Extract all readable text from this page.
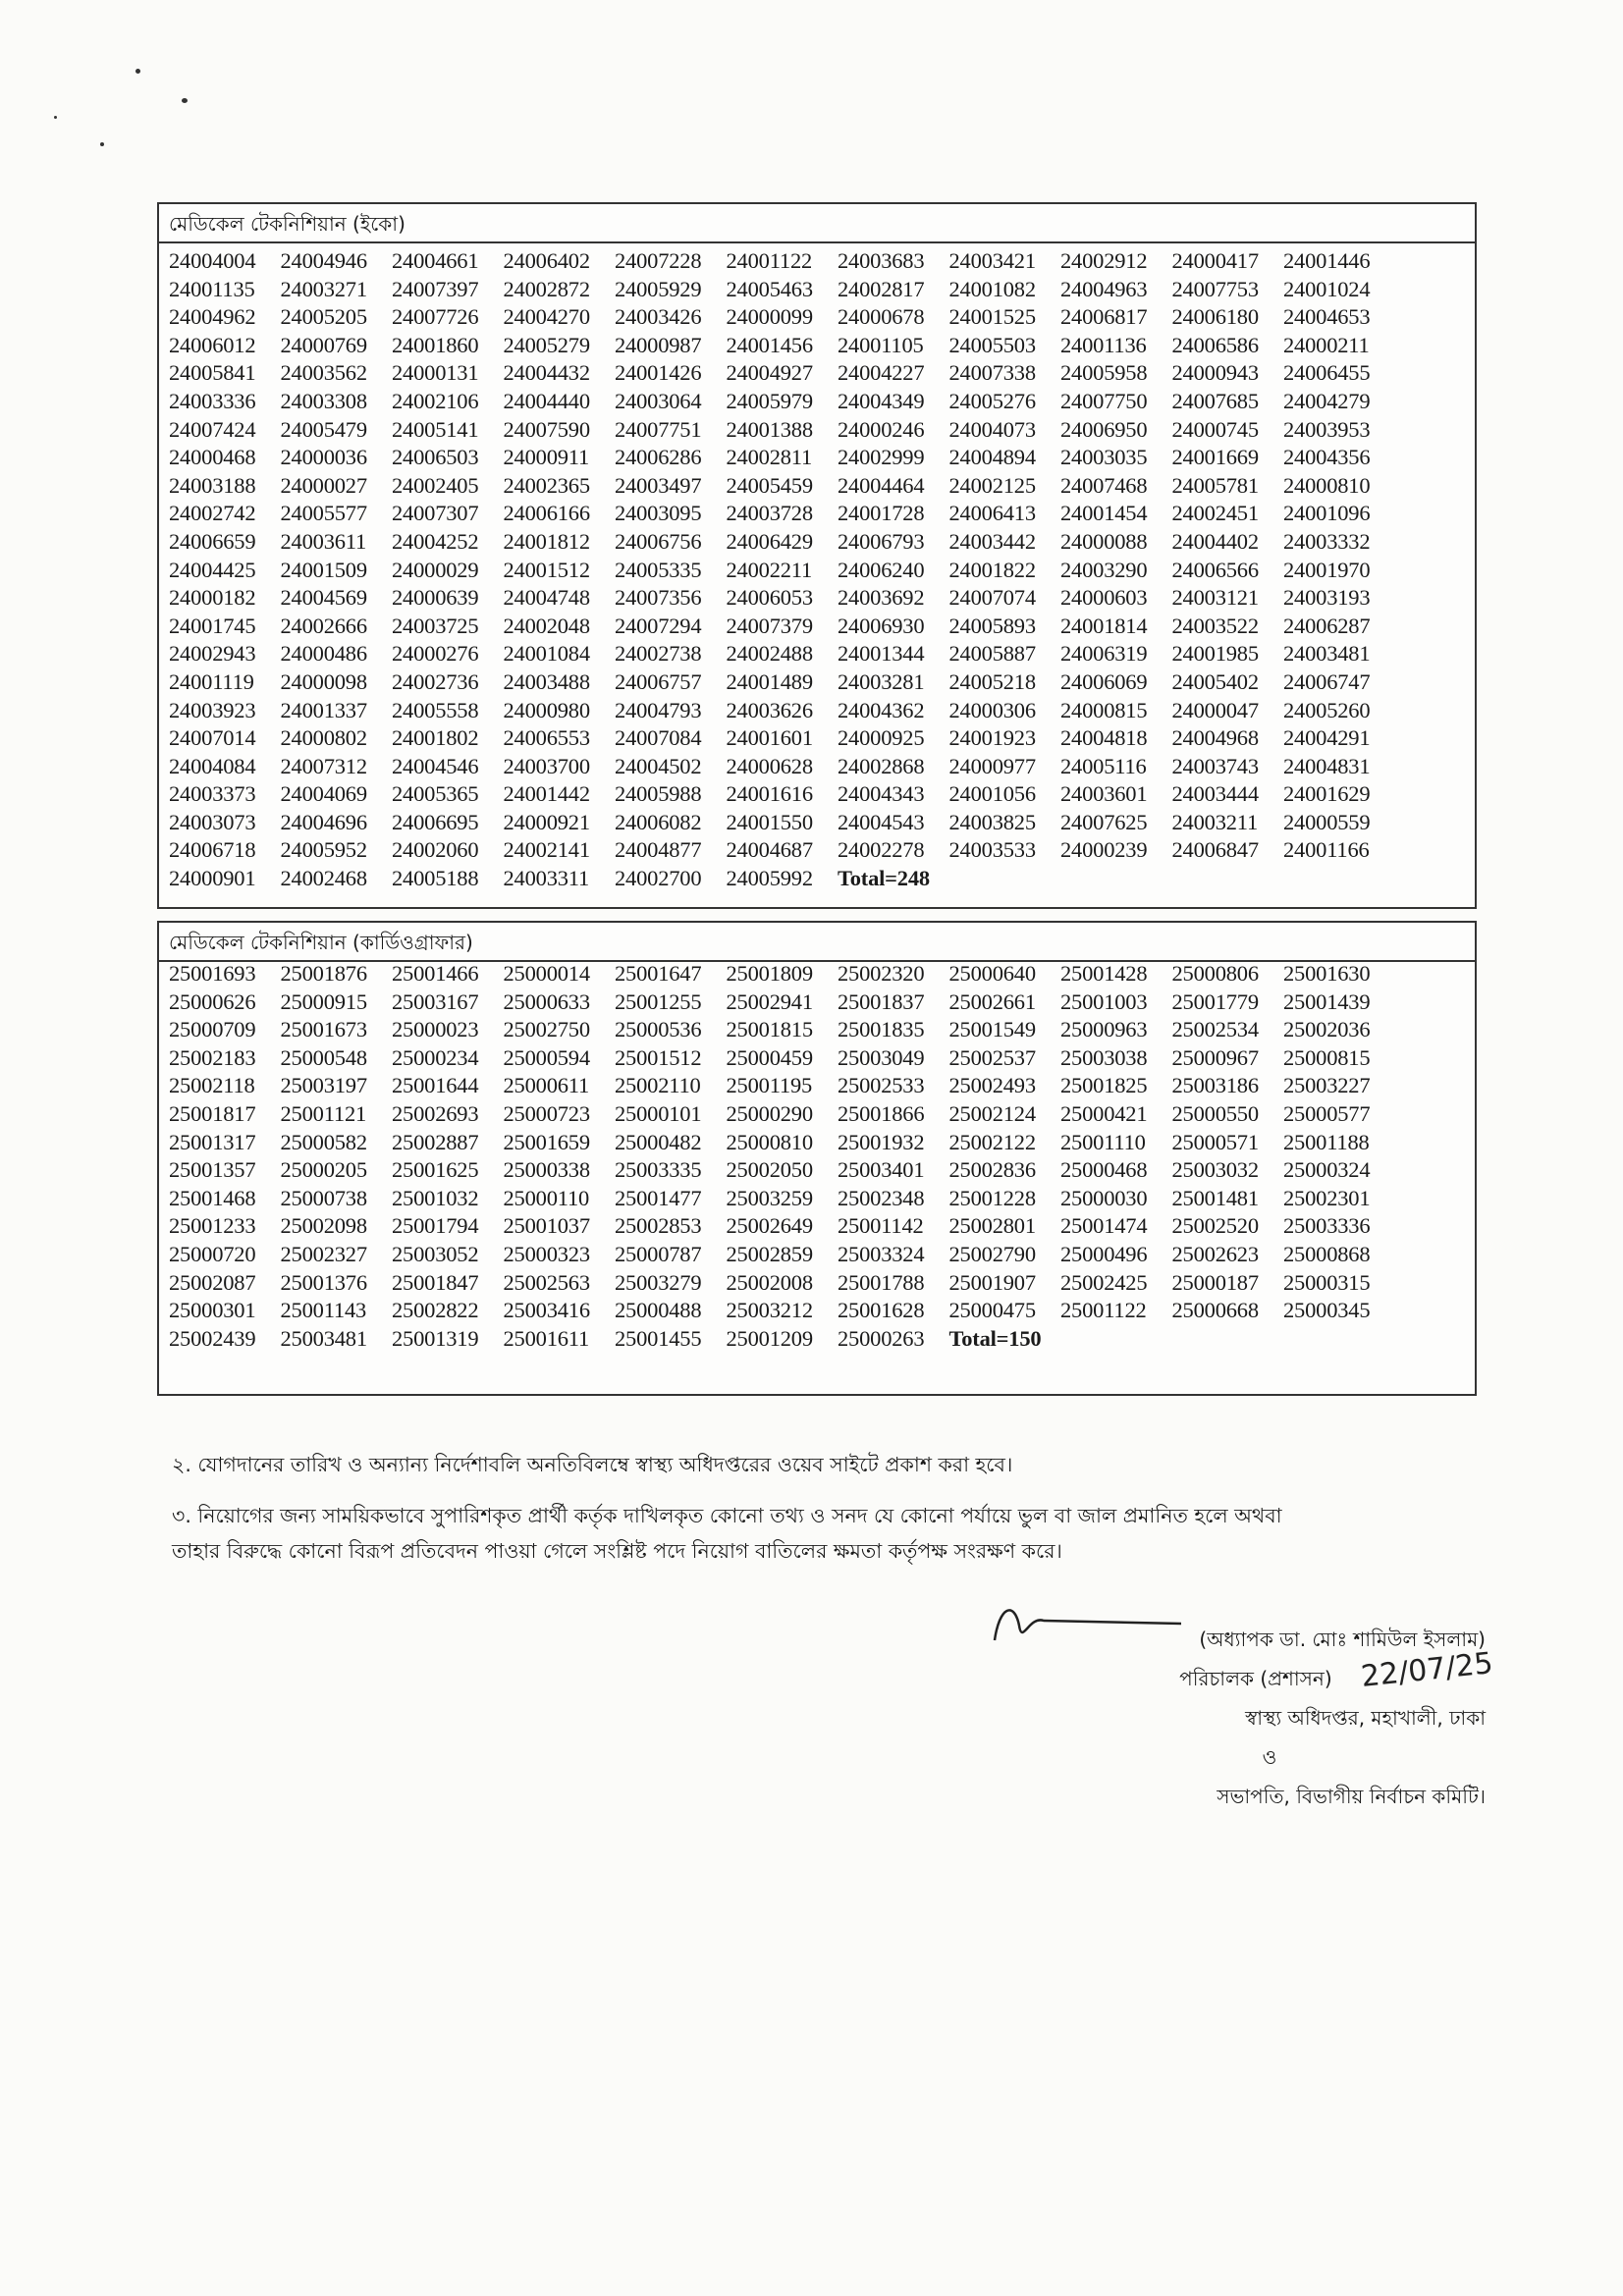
মেডিকেল টেকনিশিয়ান (ইকো)
24004004 24004946 24004661 24006402 24007228 24001122 24003683 24003421 24002912 24000417 24001446
24001135 24003271 24007397 24002872 24005929 24005463 24002817 24001082 24004963 24007753 24001024
24004962 24005205 24007726 24004270 24003426 24000099 24000678 24001525 24006817 24006180 24004653
24006012 24000769 24001860 24005279 24000987 24001456 24001105 24005503 24001136 24006586 24000211
24005841 24003562 24000131 24004432 24001426 24004927 24004227 24007338 24005958 24000943 24006455
24003336 24003308 24002106 24004440 24003064 24005979 24004349 24005276 24007750 24007685 24004279
24007424 24005479 24005141 24007590 24007751 24001388 24000246 24004073 24006950 24000745 24003953
24000468 24000036 24006503 24000911 24006286 24002811 24002999 24004894 24003035 24001669 24004356
24003188 24000027 24002405 24002365 24003497 24005459 24004464 24002125 24007468 24005781 24000810
24002742 24005577 24007307 24006166 24003095 24003728 24001728 24006413 24001454 24002451 24001096
24006659 24003611 24004252 24001812 24006756 24006429 24006793 24003442 24000088 24004402 24003332
24004425 24001509 24000029 24001512 24005335 24002211 24006240 24001822 24003290 24006566 24001970
24000182 24004569 24000639 24004748 24007356 24006053 24003692 24007074 24000603 24003121 24003193
24001745 24002666 24003725 24002048 24007294 24007379 24006930 24005893 24001814 24003522 24006287
24002943 24000486 24000276 24001084 24002738 24002488 24001344 24005887 24006319 24001985 24003481
24001119 24000098 24002736 24003488 24006757 24001489 24003281 24005218 24006069 24005402 24006747
24003923 24001337 24005558 24000980 24004793 24003626 24004362 24000306 24000815 24000047 24005260
24007014 24000802 24001802 24006553 24007084 24001601 24000925 24001923 24004818 24004968 24004291
24004084 24007312 24004546 24003700 24004502 24000628 24002868 24000977 24005116 24003743 24004831
24003373 24004069 24005365 24001442 24005988 24001616 24004343 24001056 24003601 24003444 24001629
24003073 24004696 24006695 24000921 24006082 24001550 24004543 24003825 24007625 24003211 24000559
24006718 24005952 24002060 24002141 24004877 24004687 24002278 24003533 24000239 24006847 24001166
24000901 24002468 24005188 24003311 24002700 24005992 Total=248
মেডিকেল টেকনিশিয়ান (কার্ডিওগ্রাফার)
25001693 25001876 25001466 25000014 25001647 25001809 25002320 25000640 25001428 25000806 25001630
25000626 25000915 25003167 25000633 25001255 25002941 25001837 25002661 25001003 25001779 25001439
25000709 25001673 25000023 25002750 25000536 25001815 25001835 25001549 25000963 25002534 25002036
25002183 25000548 25000234 25000594 25001512 25000459 25003049 25002537 25003038 25000967 25000815
25002118 25003197 25001644 25000611 25002110 25001195 25002533 25002493 25001825 25003186 25003227
25001817 25001121 25002693 25000723 25000101 25000290 25001866 25002124 25000421 25000550 25000577
25001317 25000582 25002887 25001659 25000482 25000810 25001932 25002122 25001110 25000571 25001188
25001357 25000205 25001625 25000338 25003335 25002050 25003401 25002836 25000468 25003032 25000324
25001468 25000738 25001032 25000110 25001477 25003259 25002348 25001228 25000030 25001481 25002301
25001233 25002098 25001794 25001037 25002853 25002649 25001142 25002801 25001474 25002520 25003336
25000720 25002327 25003052 25000323 25000787 25002859 25003324 25002790 25000496 25002623 25000868
25002087 25001376 25001847 25002563 25003279 25002008 25001788 25001907 25002425 25000187 25000315
25000301 25001143 25002822 25003416 25000488 25003212 25001628 25000475 25001122 25000668 25000345
25002439 25003481 25001319 25001611 25001455 25001209 25000263 Total=150
২. যোগদানের তারিখ ও অন্যান্য নির্দেশাবলি অনতিবিলম্বে স্বাস্থ্য অধিদপ্তরের ওয়েব সাইটে প্রকাশ করা হবে।
৩. নিয়োগের জন্য সাময়িকভাবে সুপারিশকৃত প্রার্থী কর্তৃক দাখিলকৃত কোনো তথ্য ও সনদ যে কোনো পর্যায়ে ভুল বা জাল প্রমানিত হলে অথবা
তাহার বিরুদ্ধে কোনো বিরূপ প্রতিবেদন পাওয়া গেলে সংশ্লিষ্ট পদে নিয়োগ বাতিলের ক্ষমতা কর্তৃপক্ষ সংরক্ষণ করে।
(অধ্যাপক ডা. মোঃ শামিউল ইসলাম)
পরিচালক (প্রশাসন) 22/07/25
স্বাস্থ্য অধিদপ্তর, মহাখালী, ঢাকা
ও
সভাপতি, বিভাগীয় নির্বাচন কমিটি।
